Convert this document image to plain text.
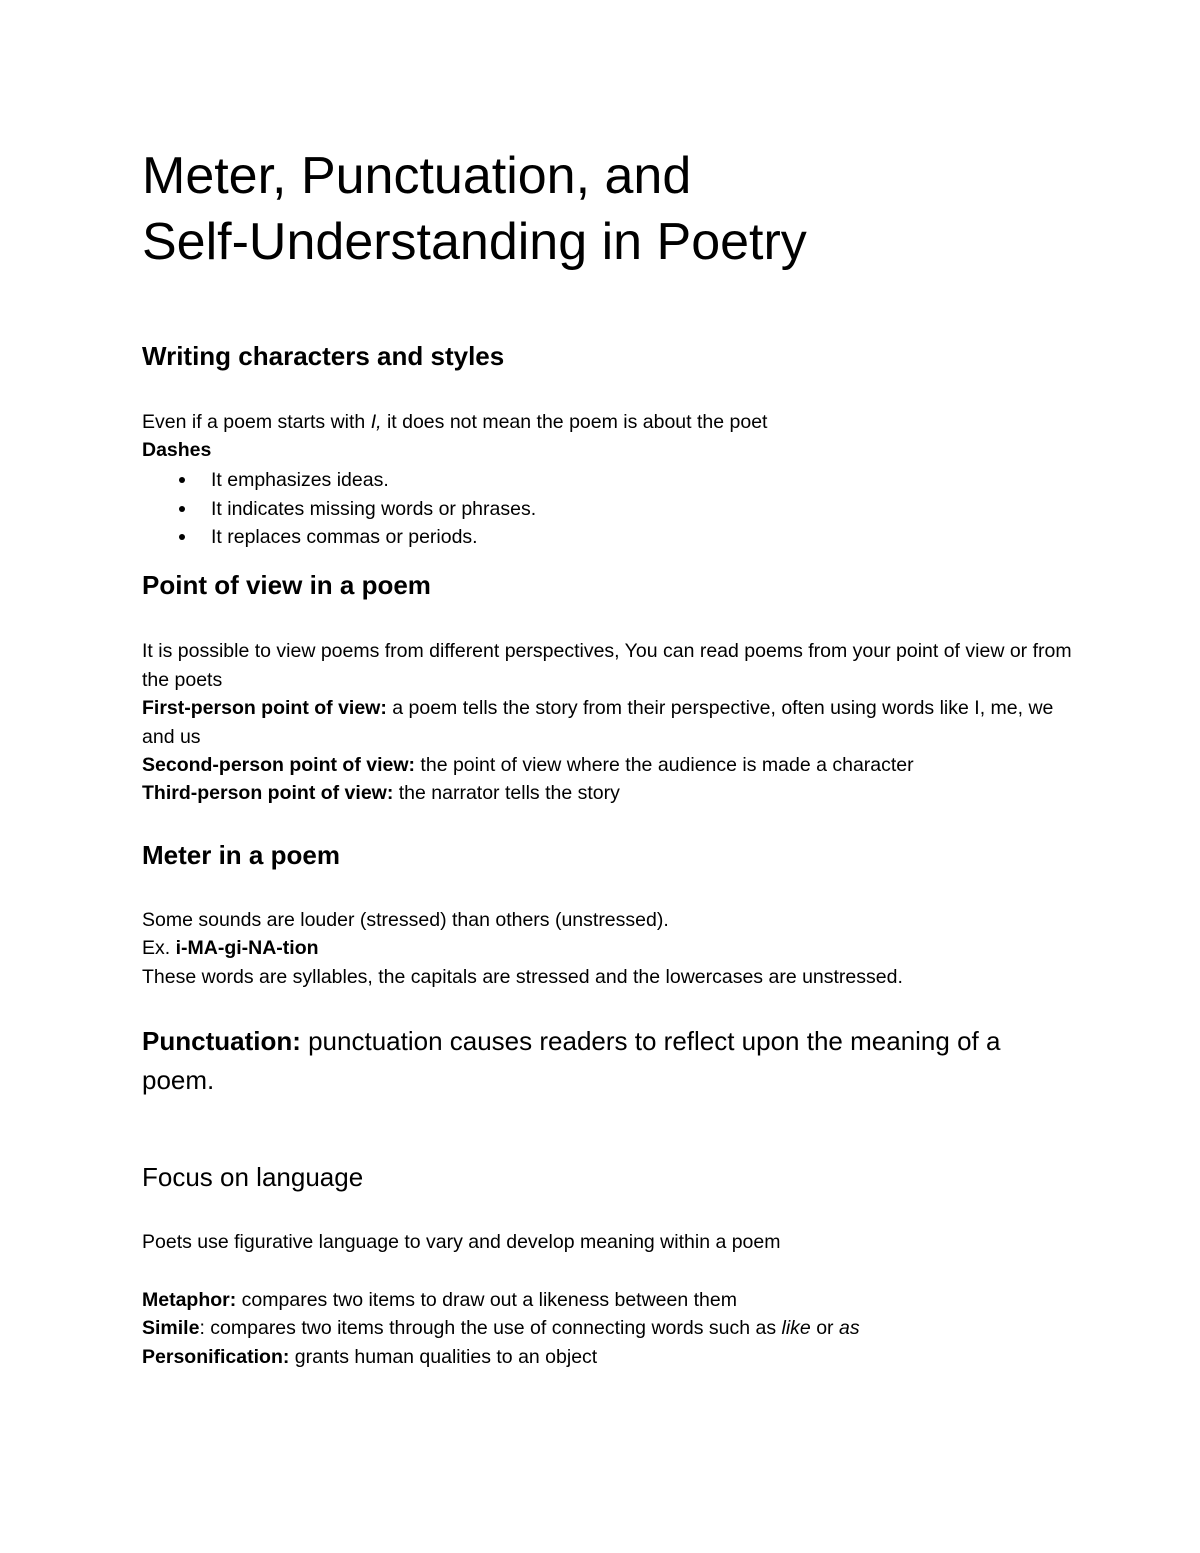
Meter, Punctuation, and
Self-Understanding in Poetry
Writing characters and styles

Even if a poem starts with I, it does not mean the poem is about the poet

Dashes

It emphasizes ideas.
It indicates missing words or phrases.
It replaces commas or periods.
Point of view in a poem

It is possible to view poems from different perspectives, You can read poems from your point of view or from the poets

First-person point of view: a poem tells the story from their perspective, often using words like I, me, we and us

Second-person point of view: the point of view where the audience is made a character

Third-person point of view: the narrator tells the story

Meter in a poem

Some sounds are louder (stressed) than others (unstressed).

Ex. i-MA-gi-NA-tion

These words are syllables, the capitals are stressed and the lowercases are unstressed.

Punctuation: punctuation causes readers to reflect upon the meaning of a poem.

Focus on language

Poets use figurative language to vary and develop meaning within a poem

Metaphor: compares two items to draw out a likeness between them

Simile: compares two items through the use of connecting words such as like or as

Personification: grants human qualities to an object
